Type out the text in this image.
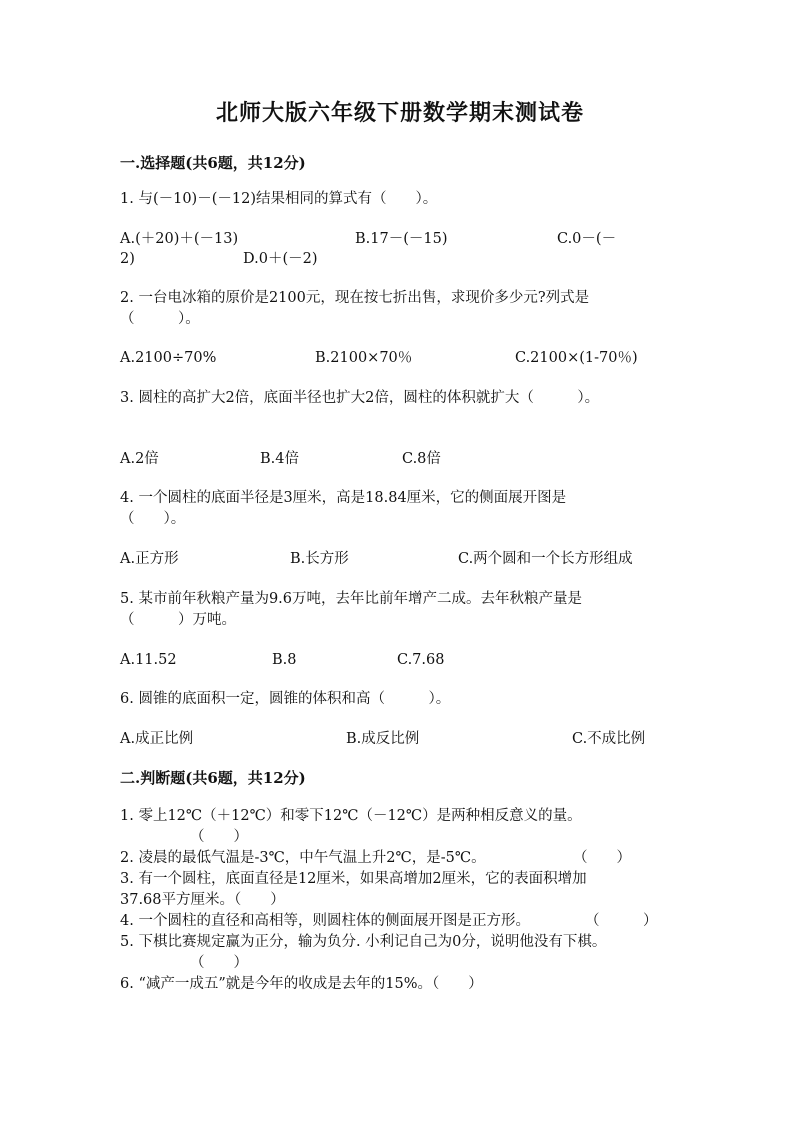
北师大版六年级下册数学期末测试卷
一.选择题(共6题，共12分)
1. 与(－10)－(－12)结果相同的算式有（　　）。
A.(＋20)＋(－13)	B.17－(－15)	C.0－(－
2)	D.0＋(－2)
2. 一台电冰箱的原价是2100元，现在按七折出售，求现价多少元?列式是
（　　　）。
A.2100÷70%	B.2100×70％	C.2100×(1-70％)
3. 圆柱的高扩大2倍，底面半径也扩大2倍，圆柱的体积就扩大（　　　）。
A.2倍	B.4倍	C.8倍
4. 一个圆柱的底面半径是3厘米，高是18.84厘米，它的侧面展开图是
（　　）。
A.正方形	B.长方形	C.两个圆和一个长方形组成
5. 某市前年秋粮产量为9.6万吨，去年比前年增产二成。去年秋粮产量是
（　　　）万吨。
A.11.52	B.8	C.7.68
6. 圆锥的底面积一定，圆锥的体积和高（　　　）。
A.成正比例	B.成反比例	C.不成比例
二.判断题(共6题，共12分)
1. 零上12℃（＋12℃）和零下12℃（－12℃）是两种相反意义的量。
（　　）
2. 凌晨的最低气温是-3℃，中午气温上升2℃，是-5℃。	（　　）
3. 有一个圆柱，底面直径是12厘米，如果高增加2厘米，它的表面积增加
37.68平方厘米。（　　）
4. 一个圆柱的直径和高相等，则圆柱体的侧面展开图是正方形。	（　　　）
5. 下棋比赛规定赢为正分，输为负分. 小利记自己为0分，说明他没有下棋。
（　　）
6. “减产一成五”就是今年的收成是去年的15%。（　　）
